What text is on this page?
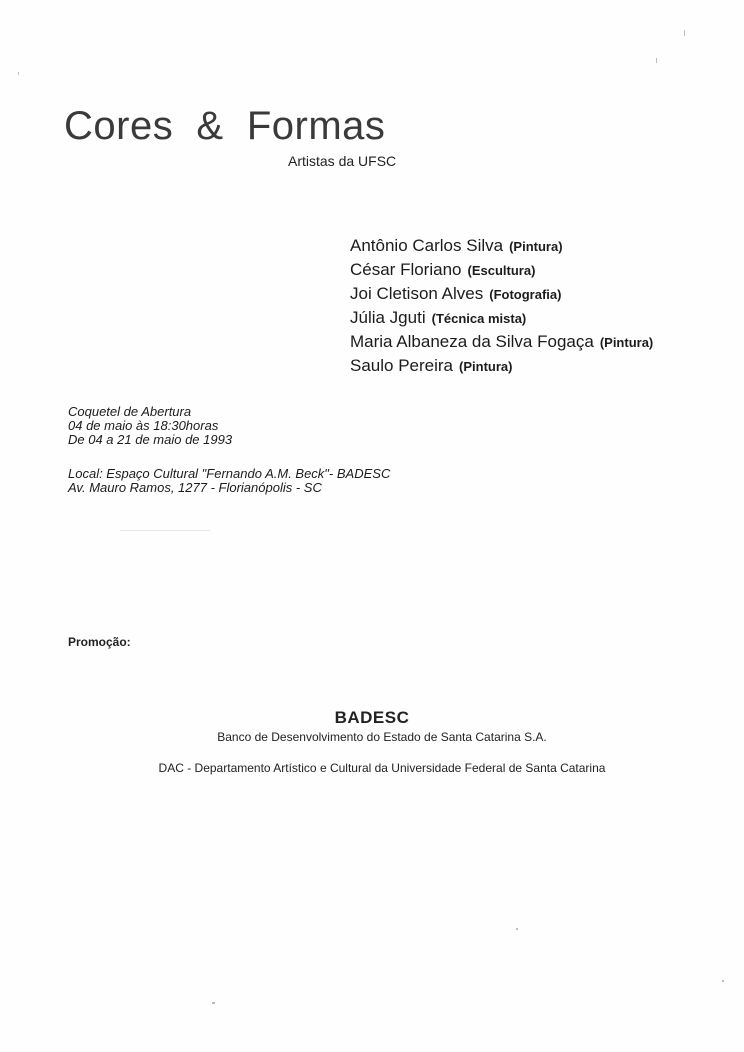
Cores  &  Formas
Artistas da UFSC
Antônio Carlos Silva (Pintura)
César Floriano (Escultura)
Joi Cletison Alves (Fotografia)
Júlia Jguti (Técnica mista)
Maria Albaneza da Silva Fogaça (Pintura)
Saulo Pereira (Pintura)
Coquetel de Abertura
04 de maio às 18:30horas
De 04 a 21 de maio de 1993
Local: Espaço Cultural "Fernando A.M. Beck"- BADESC
Av. Mauro Ramos, 1277 - Florianópolis - SC
Promoção:
BADESC
Banco de Desenvolvimento do Estado de Santa Catarina S.A.
DAC - Departamento Artístico e Cultural da Universidade Federal de Santa Catarina
